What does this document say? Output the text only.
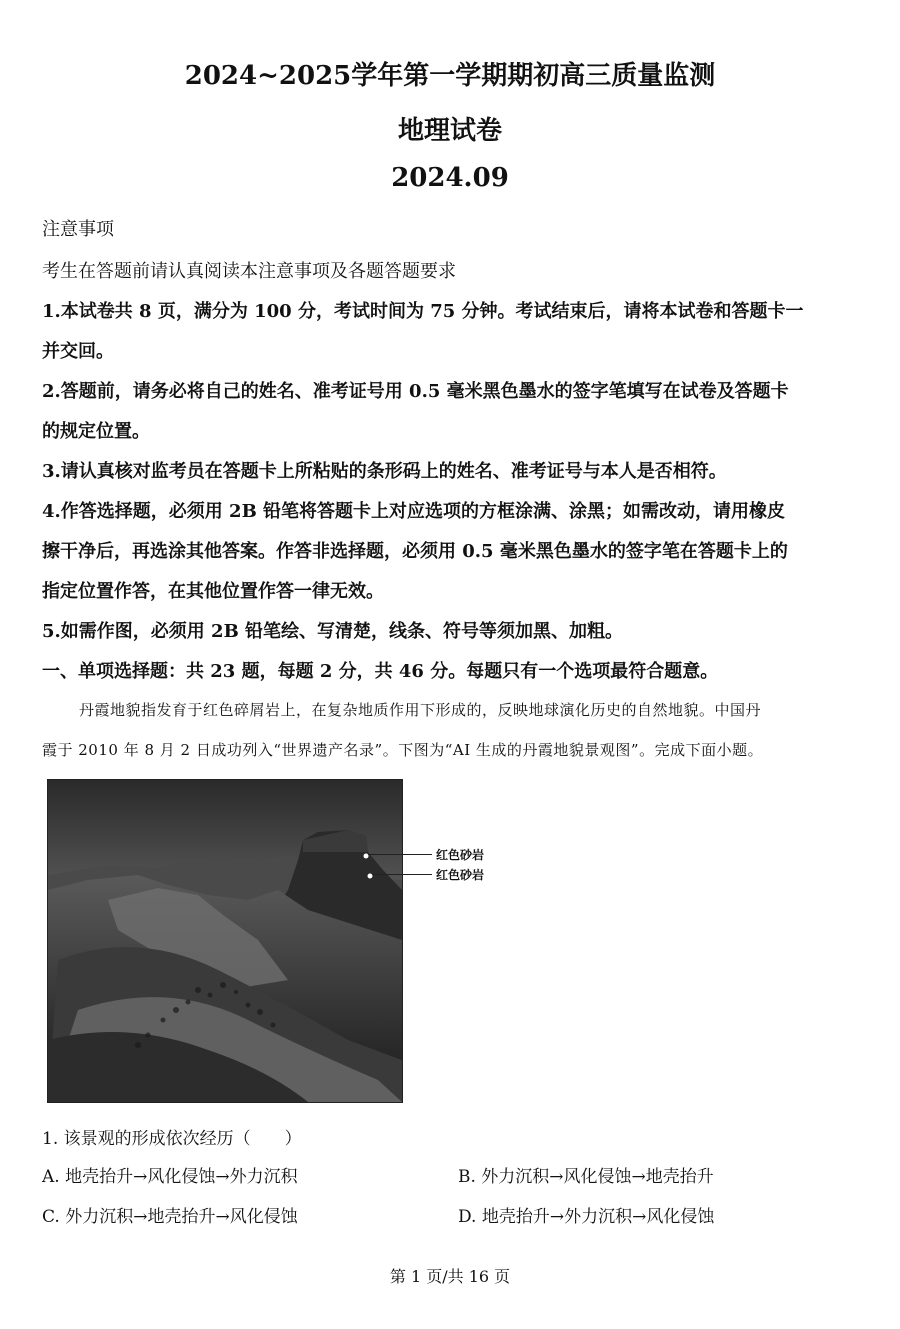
2024~2025学年第一学期期初高三质量监测
地理试卷
2024.09
注意事项
考生在答题前请认真阅读本注意事项及各题答题要求
1.本试卷共 8 页，满分为 100 分，考试时间为 75 分钟。考试结束后，请将本试卷和答题卡一
并交回。
2.答题前，请务必将自己的姓名、准考证号用 0.5 毫米黑色墨水的签字笔填写在试卷及答题卡
的规定位置。
3.请认真核对监考员在答题卡上所粘贴的条形码上的姓名、准考证号与本人是否相符。
4.作答选择题，必须用 2B 铅笔将答题卡上对应选项的方框涂满、涂黑；如需改动，请用橡皮
擦干净后，再选涂其他答案。作答非选择题，必须用 0.5 毫米黑色墨水的签字笔在答题卡上的
指定位置作答，在其他位置作答一律无效。
5.如需作图，必须用 2B 铅笔绘、写清楚，线条、符号等须加黑、加粗。
一、单项选择题：共 23 题，每题 2 分，共 46 分。每题只有一个选项最符合题意。
丹霞地貌指发育于红色碎屑岩上，在复杂地质作用下形成的，反映地球演化历史的自然地貌。中国丹
霞于 2010 年 8 月 2 日成功列入“世界遗产名录”。下图为“AI 生成的丹霞地貌景观图”。完成下面小题。
红色砂岩
红色砂岩
1. 该景观的形成依次经历（　　）
A. 地壳抬升→风化侵蚀→外力沉积	B. 外力沉积→风化侵蚀→地壳抬升
C. 外力沉积→地壳抬升→风化侵蚀	D. 地壳抬升→外力沉积→风化侵蚀
第 1 页/共 16 页
